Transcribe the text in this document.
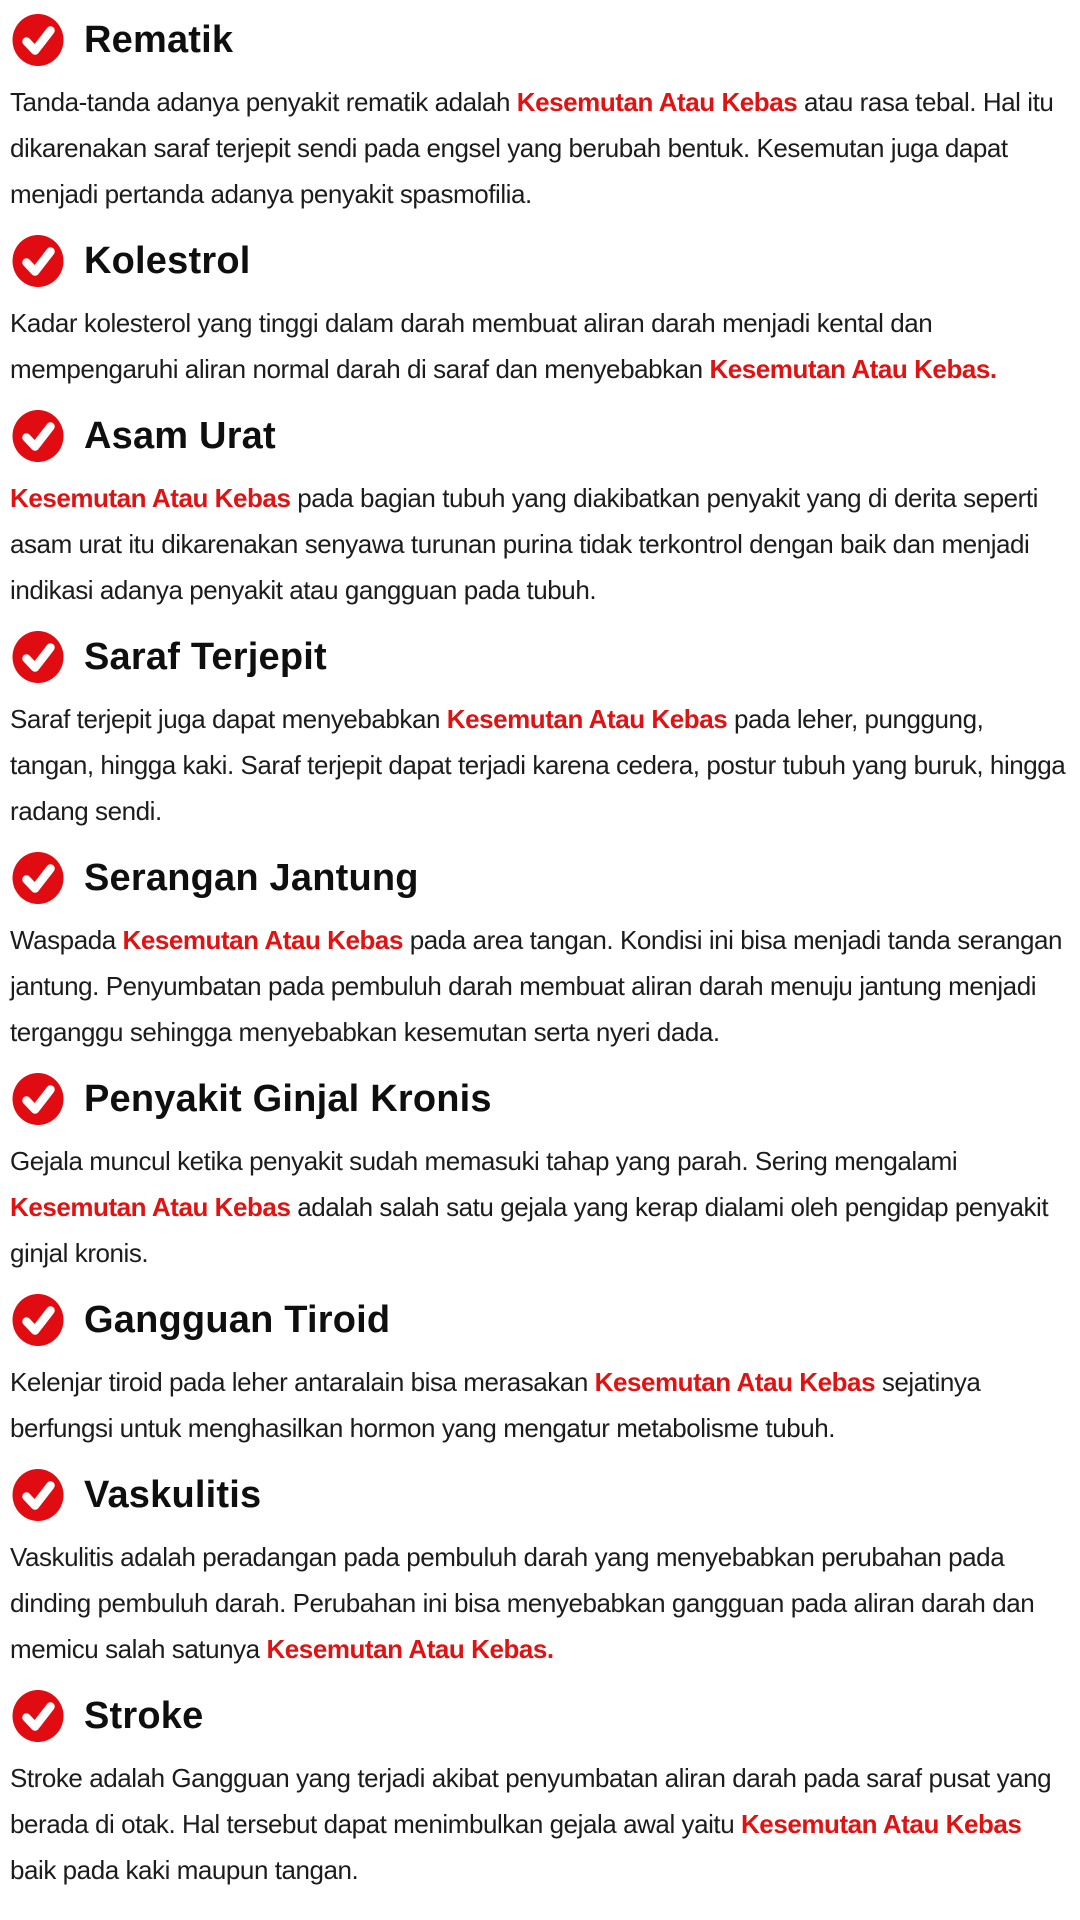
Rematik

Tanda-tanda adanya penyakit rematik adalah Kesemutan Atau Kebas atau rasa tebal. Hal itu dikarenakan saraf terjepit sendi pada engsel yang berubah bentuk. Kesemutan juga dapat menjadi pertanda adanya penyakit spasmofilia.

Kolestrol

Kadar kolesterol yang tinggi dalam darah membuat aliran darah menjadi kental dan mempengaruhi aliran normal darah di saraf dan menyebabkan Kesemutan Atau Kebas.

Asam Urat

Kesemutan Atau Kebas pada bagian tubuh yang diakibatkan penyakit yang di derita seperti asam urat itu dikarenakan senyawa turunan purina tidak terkontrol dengan baik dan menjadi indikasi adanya penyakit atau gangguan pada tubuh.

Saraf Terjepit

Saraf terjepit juga dapat menyebabkan Kesemutan Atau Kebas pada leher, punggung, tangan, hingga kaki. Saraf terjepit dapat terjadi karena cedera, postur tubuh yang buruk, hingga radang sendi.

Serangan Jantung

Waspada Kesemutan Atau Kebas pada area tangan. Kondisi ini bisa menjadi tanda serangan jantung. Penyumbatan pada pembuluh darah membuat aliran darah menuju jantung menjadi terganggu sehingga menyebabkan kesemutan serta nyeri dada.

Penyakit Ginjal Kronis

Gejala muncul ketika penyakit sudah memasuki tahap yang parah. Sering mengalami Kesemutan Atau Kebas adalah salah satu gejala yang kerap dialami oleh pengidap penyakit ginjal kronis.

Gangguan Tiroid

Kelenjar tiroid pada leher antaralain bisa merasakan Kesemutan Atau Kebas sejatinya berfungsi untuk menghasilkan hormon yang mengatur metabolisme tubuh.

Vaskulitis

Vaskulitis adalah peradangan pada pembuluh darah yang menyebabkan perubahan pada dinding pembuluh darah. Perubahan ini bisa menyebabkan gangguan pada aliran darah dan memicu salah satunya Kesemutan Atau Kebas.

Stroke

Stroke adalah Gangguan yang terjadi akibat penyumbatan aliran darah pada saraf pusat yang berada di otak. Hal tersebut dapat menimbulkan gejala awal yaitu Kesemutan Atau Kebas baik pada kaki maupun tangan.
